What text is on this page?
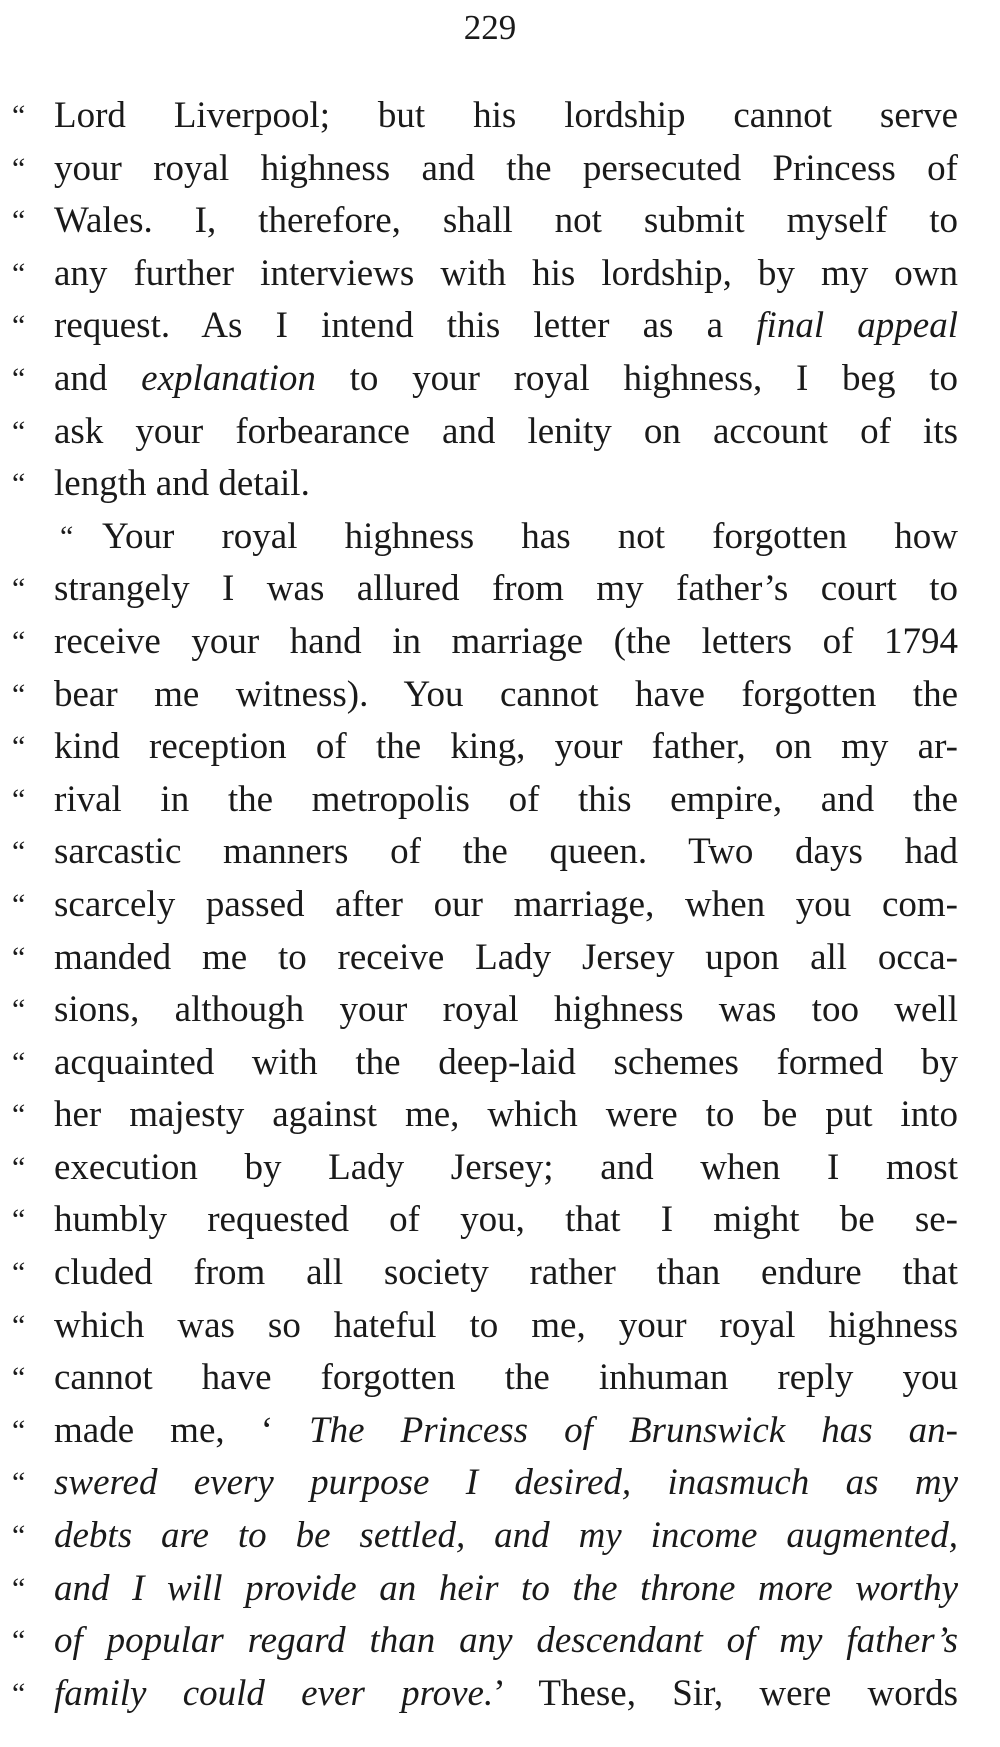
229
“ Lord Liverpool; but his lordship cannot serve
“ your royal highness and the persecuted Princess of
“ Wales. I, therefore, shall not submit myself to
“ any further interviews with his lordship, by my own
“ request. As I intend this letter as a final appeal
“ and explanation to your royal highness, I beg to
“ ask your forbearance and lenity on account of its
“ length and detail.
“ Your royal highness has not forgotten how
“ strangely I was allured from my father’s court to
“ receive your hand in marriage (the letters of 1794
“ bear me witness). You cannot have forgotten the
“ kind reception of the king, your father, on my ar-
“ rival in the metropolis of this empire, and the
“ sarcastic manners of the queen. Two days had
“ scarcely passed after our marriage, when you com-
“ manded me to receive Lady Jersey upon all occa-
“ sions, although your royal highness was too well
“ acquainted with the deep-laid schemes formed by
“ her majesty against me, which were to be put into
“ execution by Lady Jersey; and when I most
“ humbly requested of you, that I might be se-
“ cluded from all society rather than endure that
“ which was so hateful to me, your royal highness
“ cannot have forgotten the inhuman reply you
“ made me, ‘ The Princess of Brunswick has an-
“ swered every purpose I desired, inasmuch as my
“ debts are to be settled, and my income augmented,
“ and I will provide an heir to the throne more worthy
“ of popular regard than any descendant of my father’s
“ family could ever prove.’ These, Sir, were words
